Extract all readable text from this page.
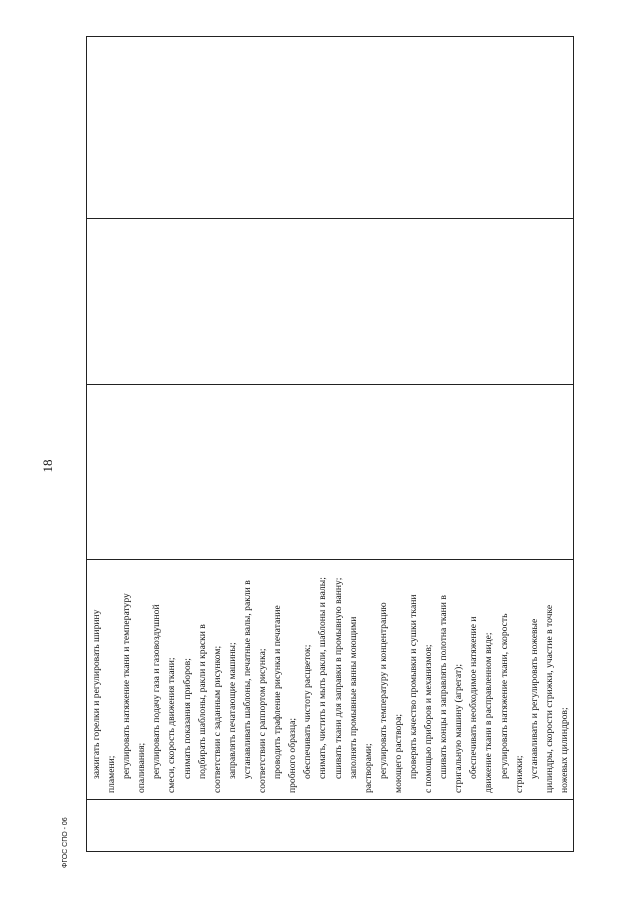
18

зажигать горелки и регулировать ширину пламени; регулировать натяжение ткани и температуру опаливания; регулировать подачу газа и газовоздушной смеси, скорость движения ткани; снимать показания приборов; подбирать шаблоны, ракли и краски в соответствии с заданным рисунком; заправлять печатающие машины; устанавливать шаблоны, печатные валы, ракли в соответствии с раппортом рисунка; проводить трафление рисунка и печатание пробного образца; обеспечивать чистоту расцветок; снимать, чистить и мыть ракли, шаблоны и валы; сшивать ткани для заправки в промывную ванну; заполнять промывные ванны моющими растворами; регулировать температуру и концентрацию моющего раствора; проверять качество промывки и сушки ткани с помощью приборов и механизмов; сшивать концы и заправлять полотна ткани в стригальную машину (агрегат); обеспечивать необходимое натяжение и движение ткани в расправленном виде; регулировать натяжение ткани, скорость стрижки; устанавливать и регулировать ножевые цилиндры, скорости стрижки, участие в точке ножевых цилиндров;

ФГОС СПО - 06
